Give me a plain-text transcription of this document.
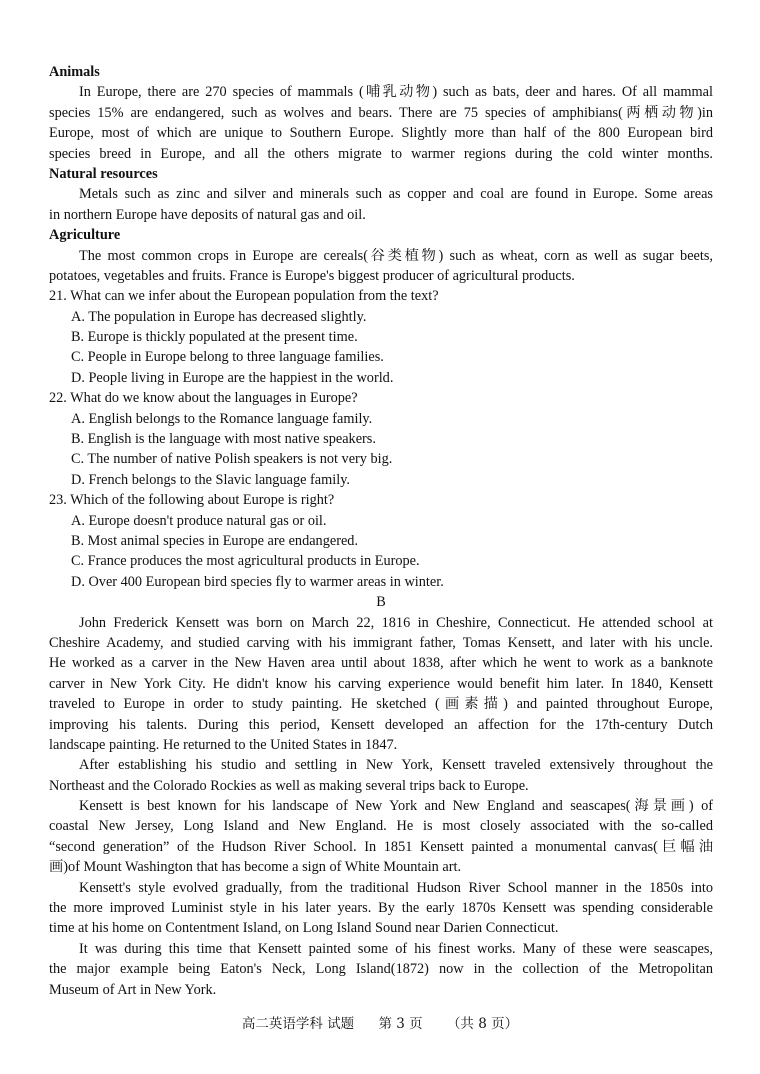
Animals
In Europe, there are 270 species of mammals (哺乳动物) such as bats, deer and hares. Of all mammal
species 15% are endangered, such as wolves and bears. There are 75 species of amphibians(两栖动物)in
Europe, most of which are unique to Southern Europe. Slightly more than half of the 800 European bird
species breed in Europe, and all the others migrate to warmer regions during the cold winter months.
Natural resources
Metals such as zinc and silver and minerals such as copper and coal are found in Europe. Some areas
in northern Europe have deposits of natural gas and oil.
Agriculture
The most common crops in Europe are cereals(谷类植物) such as wheat, corn as well as sugar beets,
potatoes, vegetables and fruits. France is Europe's biggest producer of agricultural products.
21. What can we infer about the European population from the text?
A. The population in Europe has decreased slightly.
B. Europe is thickly populated at the present time.
C. People in Europe belong to three language families.
D. People living in Europe are the happiest in the world.
22. What do we know about the languages in Europe?
A. English belongs to the Romance language family.
B. English is the language with most native speakers.
C. The number of native Polish speakers is not very big.
D. French belongs to the Slavic language family.
23. Which of the following about Europe is right?
A. Europe doesn't produce natural gas or oil.
B. Most animal species in Europe are endangered.
C. France produces the most agricultural products in Europe.
D. Over 400 European bird species fly to warmer areas in winter.
B
John Frederick Kensett was born on March 22, 1816 in Cheshire, Connecticut. He attended school at
Cheshire Academy, and studied carving with his immigrant father, Tomas Kensett, and later with his uncle.
He worked as a carver in the New Haven area until about 1838, after which he went to work as a banknote
carver in New York City. He didn't know his carving experience would benefit him later. In 1840, Kensett
traveled to Europe in order to study painting. He sketched (画素描) and painted throughout Europe,
improving his talents. During this period, Kensett developed an affection for the 17th-century Dutch
landscape painting. He returned to the United States in 1847.
After establishing his studio and settling in New York, Kensett traveled extensively throughout the
Northeast and the Colorado Rockies as well as making several trips back to Europe.
Kensett is best known for his landscape of New York and New England and seascapes(海景画) of
coastal New Jersey, Long Island and New England. He is most closely associated with the so-called
“second generation” of the Hudson River School. In 1851 Kensett painted a monumental canvas(巨幅油
画)of Mount Washington that has become a sign of White Mountain art.
Kensett's style evolved gradually, from the traditional Hudson River School manner in the 1850s into
the more improved Luminist style in his later years. By the early 1870s Kensett was spending considerable
time at his home on Contentment Island, on Long Island Sound near Darien Connecticut.
It was during this time that Kensett painted some of his finest works. Many of these were seascapes,
the major example being Eaton's Neck, Long Island(1872) now in the collection of the Metropolitan
Museum of Art in New York.
高二英语学科 试题 第 3 页 （共 8 页）
